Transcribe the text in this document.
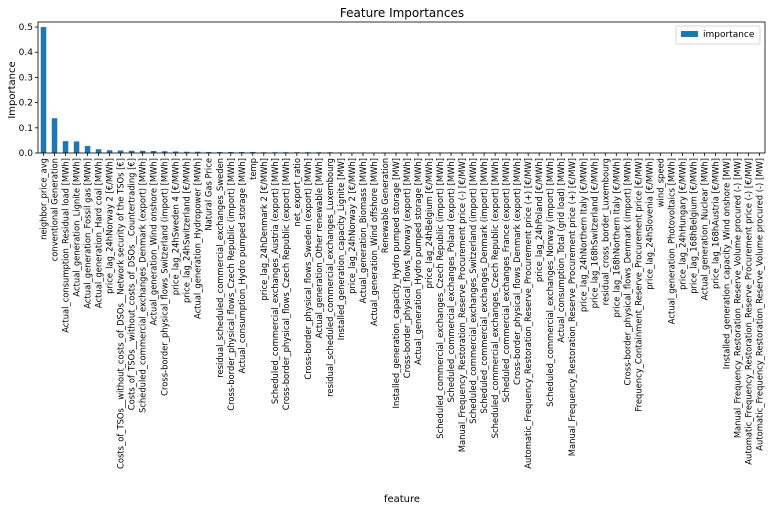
Feature Importances
Importance
0.0
0.1
0.2
0.3
0.4
0.5
neighbor_price_avg conventional Generation Actual_consumption_Residual load [MWh] Actual_generation_Lignite [MWh] Actual_generation_Fossil gas [MWh] Actual_generation_Hard coal [MWh] price_lag_24hNorway 2 [€/MWh] Costs_of_TSOs__without_costs_of_DSOs__Network security of the TSOs [€] Costs_of_TSOs__without_costs_of_DSOs__Countertrading [€] Scheduled_commercial_exchanges_Denmark (export) [MWh] Actual_generation_Wind onshore [MWh] Cross-border_physical_flows_Switzerland (import) [MWh] price_lag_24hSweden 4 [€/MWh] price_lag_24hSwitzerland [€/MWh] Actual_generation_Hydropower [MWh] Natural Gas Price residual_scheduled_commercial_exchanges_Sweden Cross-border_physical_flows_Czech Republic (import) [MWh] Actual_consumption_Hydro pumped storage [MWh] temp price_lag_24hDenmark 2 [€/MWh] Scheduled_commercial_exchanges_Austria (export) [MWh] Cross-border_physical_flows_Czech Republic (export) [MWh] net_export_ratio Cross-border_physical_flows_Sweden (export) [MWh] Actual_generation_Other renewable [MWh] residual_scheduled_commercial_exchanges_Luxembourg Installed_generation_capacity_Lignite [MW] price_lag_24hNorway 2 [€/MWh] Actual_generation_Biomass [MWh] Actual_generation_Wind offshore [MWh] Renewable Generation Installed_generation_capacity_Hydro pumped storage [MW] Cross-border_physical_flows_Norway (export) [MWh] Actual_generation_Hydro pumped storage [MWh] price_lag_24hBelgium [€/MWh] Scheduled_commercial_exchanges_Czech Republic (import) [MWh] Scheduled_commercial_exchanges_Poland (export) [MWh] Manual_Frequency_Restoration_Reserve_Procurement price (-) [€/MW] Scheduled_commercial_exchanges_Switzerland (import) [MWh] Scheduled_commercial_exchanges_Denmark (import) [MWh] Scheduled_commercial_exchanges_Czech Republic (export) [MWh] Scheduled_commercial_exchanges_France (export) [MWh] Cross-border_physical_flows_Denmark (export) [MWh] Automatic_Frequency_Restoration_Reserve_Procurement price (+) [€/MW] price_lag_24hPoland [€/MWh] Scheduled_commercial_exchanges_Norway (import) [MWh] Actual_consumption_Total (grid load) [MWh] Manual_Frequency_Restoration_Reserve_Procurement price (+) [€/MW] price_lag_24hNorthern Italy [€/MWh] price_lag_168hSwitzerland [€/MWh] residual_cross_border_Luxembourg price_lag_168hNorthern Italy [€/MWh] Cross-border_physical_flows_Denmark (import) [MWh] Frequency_Containment_Reserve_Procurement price [€/MW] price_lag_24hSlovenia [€/MWh] wind_speed Actual_generation_Photovoltaics [MWh] price_lag_24hHungary [€/MWh] price_lag_168hBelgium [€/MWh] Actual_generation_Nuclear [MWh] price_lag_168hAustria [€/MWh] Installed_generation_capacity_Wind onshore [MW] Manual_Frequency_Restoration_Reserve_Volume procured (-) [MW] Automatic_Frequency_Restoration_Reserve_Procurement price (-) [€/MW] Automatic_Frequency_Restoration_Reserve_Volume procured (-) [MW]
feature
importance
